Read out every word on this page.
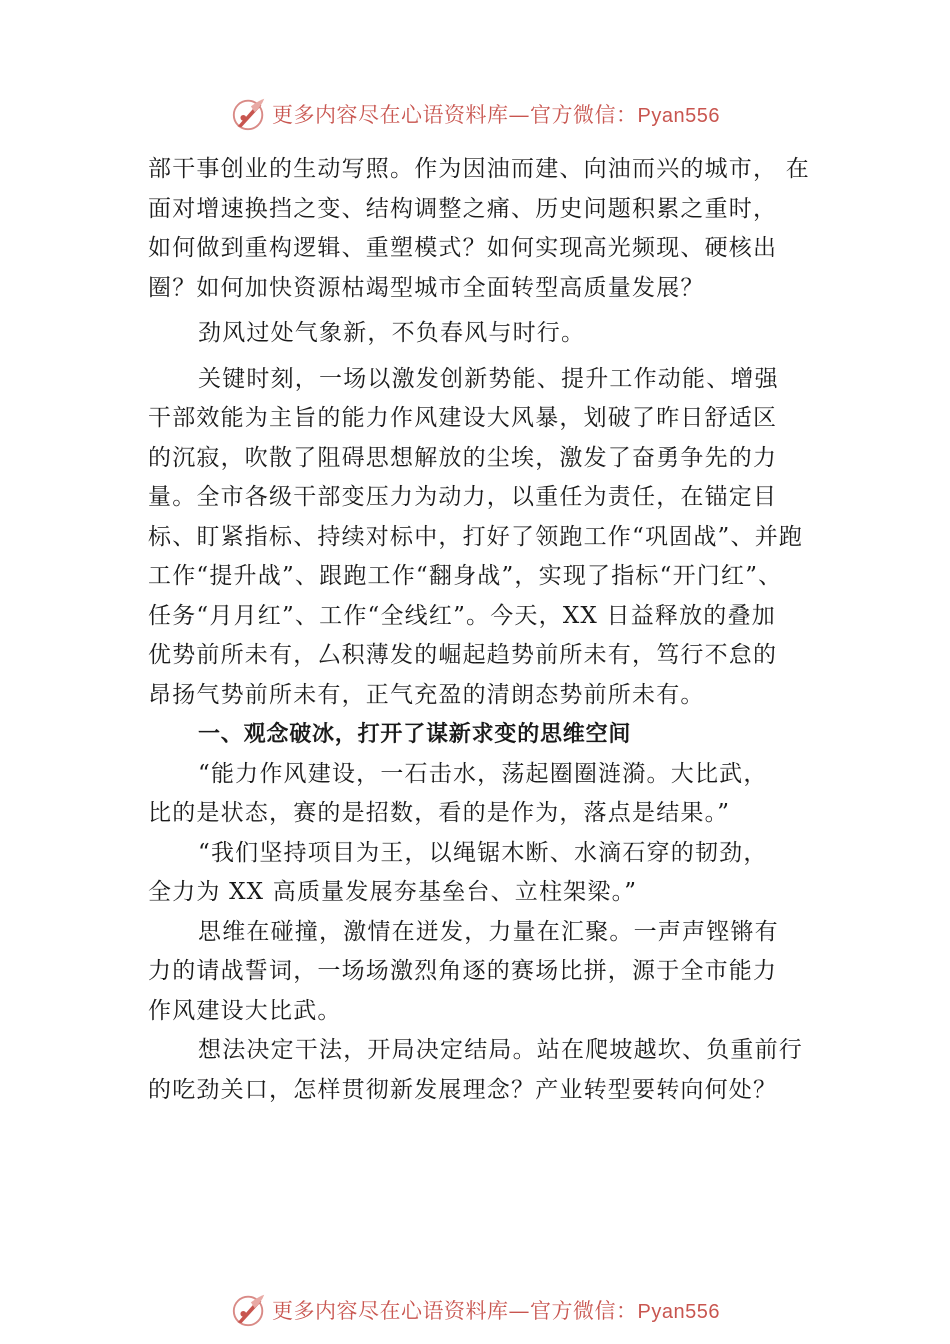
更多内容尽在心语资料库—官方微信：Pyan556
部干事创业的生动写照。作为因油而建、向油而兴的城市， 在
面对增速换挡之变、结构调整之痛、历史问题积累之重时，
如何做到重构逻辑、重塑模式？如何实现高光频现、硬核出
圈？如何加快资源枯竭型城市全面转型高质量发展？
劲风过处气象新，不负春风与时行。
关键时刻，一场以激发创新势能、提升工作动能、增强
干部效能为主旨的能力作风建设大风暴，划破了昨日舒适区
的沉寂，吹散了阻碍思想解放的尘埃，激发了奋勇争先的力
量。全市各级干部变压力为动力，以重任为责任，在锚定目
标、盯紧指标、持续对标中，打好了领跑工作“巩固战”、并跑
工作“提升战”、跟跑工作“翻身战”，实现了指标“开门红”、
任务“月月红”、工作“全线红”。今天，XX 日益释放的叠加
优势前所未有，厶积薄发的崛起趋势前所未有，笃行不怠的
昂扬气势前所未有，正气充盈的清朗态势前所未有。
一、观念破冰，打开了谋新求变的思维空间
“能力作风建设，一石击水，荡起圈圈涟漪。大比武，
比的是状态，赛的是招数，看的是作为，落点是结果。”
“我们坚持项目为王，以绳锯木断、水滴石穿的韧劲，
全力为 XX 高质量发展夯基垒台、立柱架梁。”
思维在碰撞，激情在迸发，力量在汇聚。一声声铿锵有
力的请战誓词，一场场激烈角逐的赛场比拼，源于全市能力
作风建设大比武。
想法决定干法，开局决定结局。站在爬坡越坎、负重前行
的吃劲关口，怎样贯彻新发展理念？产业转型要转向何处？
更多内容尽在心语资料库—官方微信：Pyan556
